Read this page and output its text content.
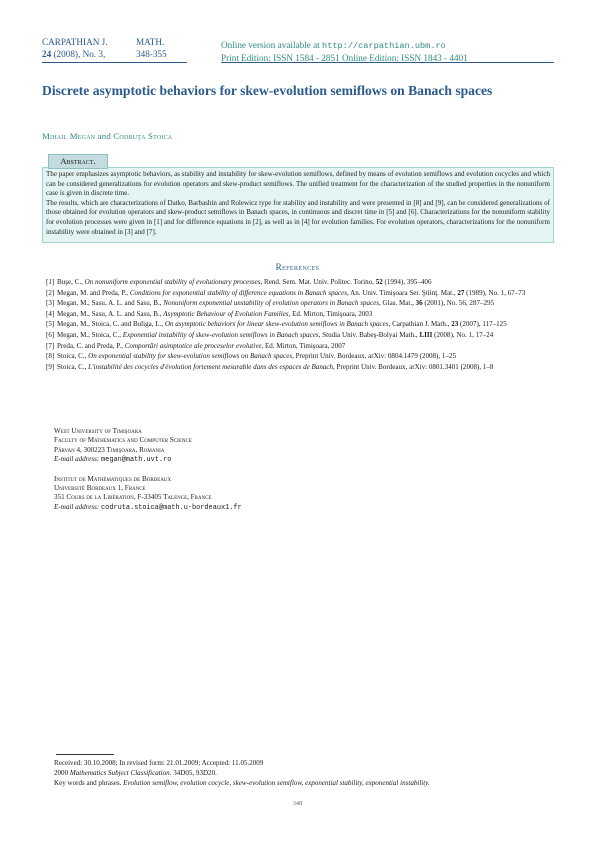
CARPATHIAN J.	MATH.
24 (2008), No. 3,	348-355
Online version available at http://carpathian.ubm.ro
Print Edition: ISSN 1584 - 2851 Online Edition: ISSN 1843 - 4401
Discrete asymptotic behaviors for skew-evolution semiflows on Banach spaces
Mihail Megan and Codruţa Stoica
Abstract.

The paper emphasizes asymptotic behaviors, as stability and instability for skew-evolution semiflows, defined by means of evolution semiflows and evolution cocycles and which can be considered generalizations for evolution operators and skew-product semiflows. The unified treatment for the characterization of the studied properties in the nonuniform case is given in discrete time.

The results, which are characterizations of Datko, Barbashin and Rolewicz type for stability and instability and were presented in [8] and [9], can be considered generalizations of those obtained for evolution operators and skew-product semiflows in Banach spaces, in continuous and discret time in [5] and [6]. Characterizations for the nonuniform stability for evolution processes were given in [1] and for difference equations in [2], as well as in [4] for evolution families. For evolution operators, characterizations for the nonuniform instability were obtained in [3] and [7].

References
[1] Buşe, C., On nonuniform exponential stability of evolutionary processes, Rend. Sem. Mat. Univ. Politec. Torino, 52 (1994), 395–406
[2] Megan, M. and Preda, P., Conditions for exponential stability of difference equations in Banach spaces, An. Univ. Timişoara Ser. Ştiinţ. Mat., 27 (1989), No. 1, 67–73
[3] Megan, M., Sasu, A. L. and Sasu, B., Nonuniform exponential unstability of evolution operators in Banach spaces, Glas. Mat., 36 (2001), No. 56, 287–295
[4] Megan, M., Sasu, A. L. and Sasu, B., Asymptotic Behaviour of Evolution Families, Ed. Mirton, Timişoara, 2003
[5] Megan, M., Stoica, C. and Buliga, L., On asymptotic behaviors for linear skew-evolution semiflows in Banach spaces, Carpathian J. Math., 23 (2007), 117–125
[6] Megan, M., Stoica, C., Exponential instability of skew-evolution semiflows in Banach spaces, Studia Univ. Babeş-Bolyai Math., LIII (2008), No. 1, 17–24
[7] Preda, C. and Preda, P., Comportări asimptotice ale proceselor evolutive, Ed. Mirton, Timişoara, 2007
[8] Stoica, C., On exponential stability for skew-evolution semiflows on Banach spaces, Preprint Univ. Bordeaux, arXiv: 0804.1479 (2008), 1–25
[9] Stoica, C., L'instabilité des cocycles d'évolution fortement mesurable dans des espaces de Banach, Preprint Univ. Bordeaux, arXiv: 0801.3401 (2008), 1–8
West University of Timişoara
Faculty of Mathematics and Computer Science
Pârvan 4, 300223 Timişoara, Romania
E-mail address: megan@math.uvt.ro
Institut de Mathématiques de Bordeaux
Université Bordeaux 1, France
351 Cours de la Libération, F-33405 Talence, France
E-mail address: codruta.stoica@math.u-bordeaux1.fr
Received: 30.10.2008; In revised form: 21.01.2009; Accepted: 11.05.2009
2000 Mathematics Subject Classification. 34D05, 93D20.
Key words and phrases. Evolution semiflow, evolution cocycle, skew-evolution semiflow, exponential stability, exponential instability.
348
